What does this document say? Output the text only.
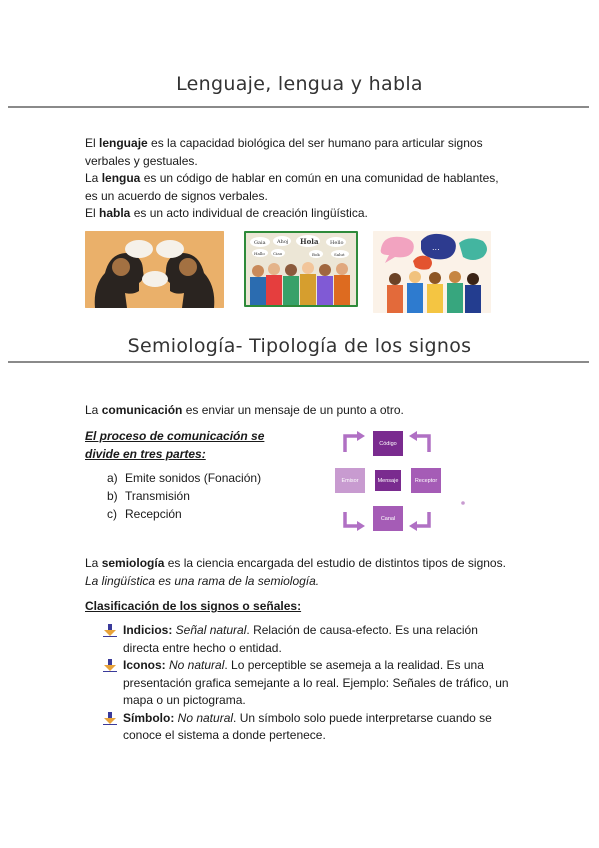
Lenguaje, lengua y habla
El lenguaje es la capacidad biológica del ser humano para articular signos
verbales y gestuales.
La lengua es un código de hablar en común en una comunidad de hablantes,
es un acuerdo de signos verbales.
El habla es un acto individual de creación lingüística.
Gaia Ahoj Hola Hello
Hallo Ciao	Bok	Salut
...
Semiología- Tipología de los signos
La comunicación es enviar un mensaje de un punto a otro.
El proceso de comunicación se
divide en tres partes:
a) Emite sonidos (Fonación)
b) Transmisión
c) Recepción
Código
Emisor	Mensaje	Receptor
Canal
La semiología es la ciencia encargada del estudio de distintos tipos de signos.
La lingüística es una rama de la semiología.
Clasificación de los signos o señales:
Indicios: Señal natural. Relación de causa-efecto. Es una relación
directa entre hecho o entidad.
Iconos: No natural. Lo perceptible se asemeja a la realidad. Es una
presentación grafica semejante a lo real. Ejemplo: Señales de tráfico, un
mapa o un pictograma.
Símbolo: No natural. Un símbolo solo puede interpretarse cuando se
conoce el sistema a donde pertenece.
